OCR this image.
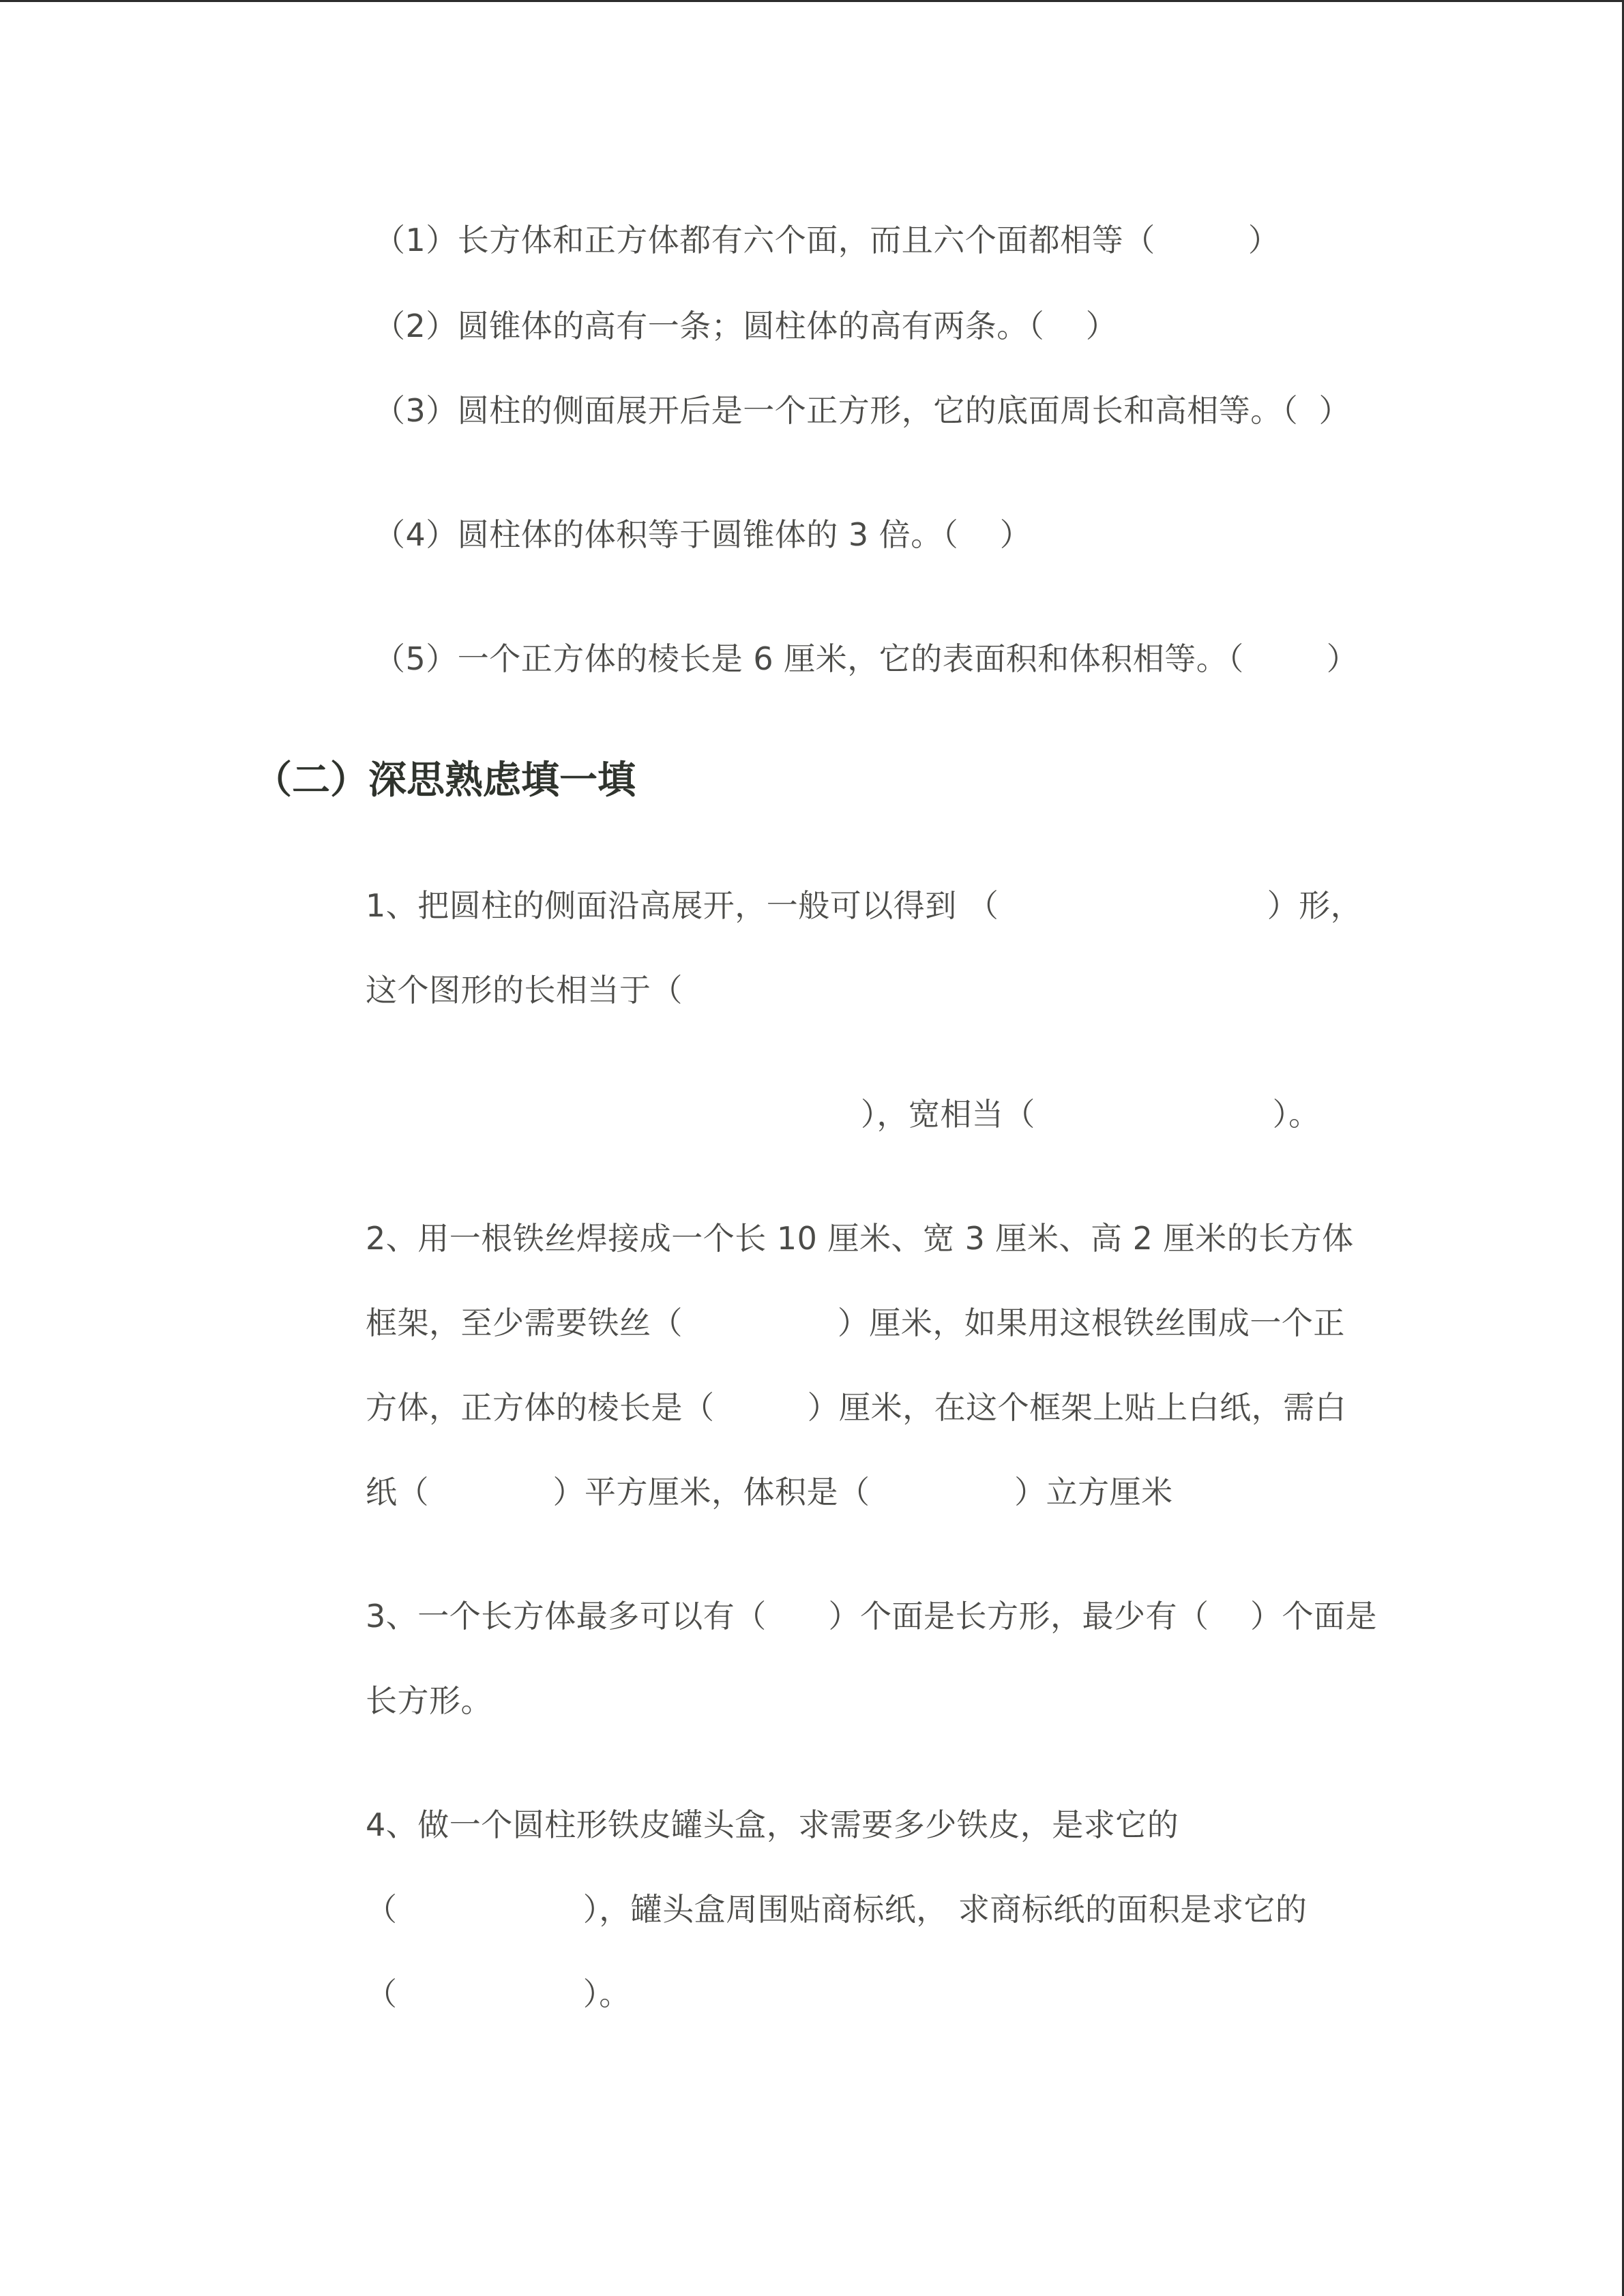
（1）长方体和正方体都有六个面，而且六个面都相等（         ）
（2）圆锥体的高有一条；圆柱体的高有两条。（    ）
（3）圆柱的侧面展开后是一个正方形，它的底面周长和高相等。（  ）
（4）圆柱体的体积等于圆锥体的 3 倍。（    ）
（5）一个正方体的棱长是 6 厘米，它的表面积和体积相等。（        ）
（二）深思熟虑填一填
1、把圆柱的侧面沿高展开，一般可以得到 （                          ）形，
这个图形的长相当于（
），宽相当（                       ）。
2、用一根铁丝焊接成一个长 10 厘米、宽 3 厘米、高 2 厘米的长方体
框架，至少需要铁丝（               ）厘米，如果用这根铁丝围成一个正
方体，正方体的棱长是（         ）厘米，在这个框架上贴上白纸，需白
纸（            ）平方厘米，体积是（              ）立方厘米
3、一个长方体最多可以有（      ）个面是长方形，最少有（    ）个面是
长方形。
4、做一个圆柱形铁皮罐头盒，求需要多少铁皮，是求它的
（                  ），罐头盒周围贴商标纸， 求商标纸的面积是求它的
（                  ）。
